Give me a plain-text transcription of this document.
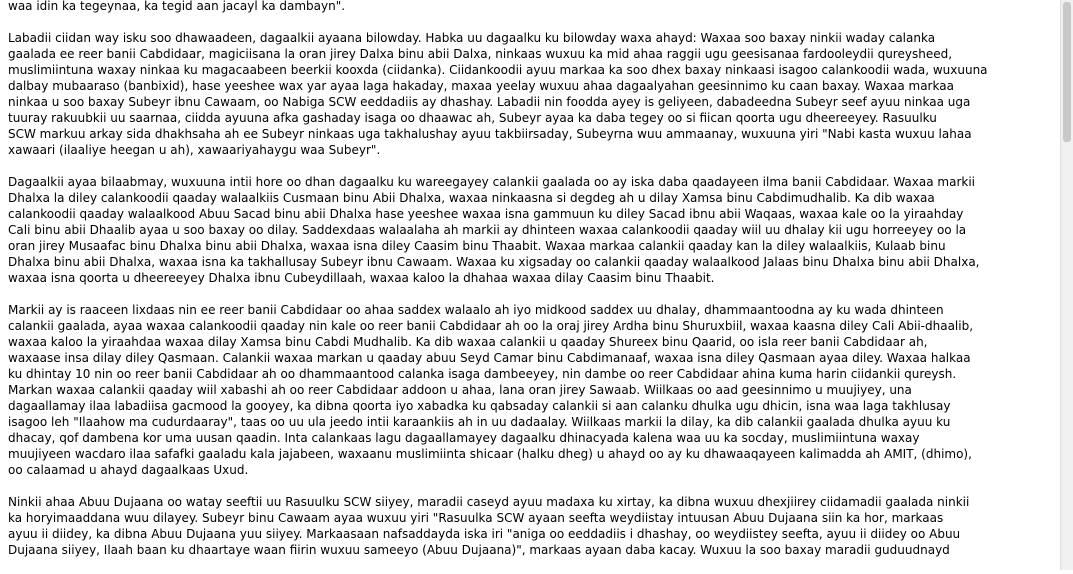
waa idin ka tegeynaa, ka tegid aan jacayl ka dambayn".

Labadii ciidan way isku soo dhawaadeen, dagaalkii ayaana bilowday. Habka uu dagaalku ku bilowday waxa ahayd: Waxaa soo baxay ninkii waday calanka
gaalada ee reer banii Cabdidaar, magiciisana la oran jirey Dalxa binu abii Dalxa, ninkaas wuxuu ka mid ahaa raggii ugu geesisanaa fardooleydii qureysheed,
muslimiintuna waxay ninkaa ku magacaabeen beerkii kooxda (ciidanka). Ciidankoodii ayuu markaa ka soo dhex baxay ninkaasi isagoo calankoodii wada, wuxuuna
dalbay mubaaraso (banbixid), hase yeeshee wax yar ayaa laga hakaday, maxaa yeelay wuxuu ahaa dagaalyahan geesinnimo ku caan baxay. Waxaa markaa
ninkaa u soo baxay Subeyr ibnu Cawaam, oo Nabiga SCW eeddadiis ay dhashay. Labadii nin foodda ayey is geliyeen, dabadeedna Subeyr seef ayuu ninkaa uga
tuuray rakuubkii uu saarnaa, ciidda ayuuna afka gashaday isaga oo dhaawac ah, Subeyr ayaa ka daba tegey oo si fiican qoorta ugu dheereeyey. Rasuulku
SCW markuu arkay sida dhakhsaha ah ee Subeyr ninkaas uga takhalushay ayuu takbiirsaday, Subeyrna wuu ammaanay, wuxuuna yiri "Nabi kasta wuxuu lahaa
xawaari (ilaaliye heegan u ah), xawaariyahaygu waa Subeyr".

Dagaalkii ayaa bilaabmay, wuxuuna intii hore oo dhan dagaalku ku wareegayey calankii gaalada oo ay iska daba qaadayeen ilma banii Cabdidaar. Waxaa markii
Dhalxa la diley calankoodii qaaday walaalkiis Cusmaan binu Abii Dhalxa, waxaa ninkaasna si degdeg ah u dilay Xamsa binu Cabdimudhalib. Ka dib waxaa
calankoodii qaaday walaalkood Abuu Sacad binu abii Dhalxa hase yeeshee waxaa isna gammuun ku diley Sacad ibnu abii Waqaas, waxaa kale oo la yiraahday
Cali binu abii Dhaalib ayaa u soo baxay oo dilay. Saddexdaas walaalaha ah markii ay dhinteen waxaa calankoodii qaaday wiil uu dhalay kii ugu horreeyey oo la
oran jirey Musaafac binu Dhalxa binu abii Dhalxa, waxaa isna diley Caasim binu Thaabit. Waxaa markaa calankii qaaday kan la diley walaalkiis, Kulaab binu
Dhalxa binu abii Dhalxa, waxaa isna ka takhallusay Subeyr ibnu Cawaam. Waxaa ku xigsaday oo calankii qaaday walaalkood Jalaas binu Dhalxa binu abii Dhalxa,
waxaa isna qoorta u dheereeyey Dhalxa ibnu Cubeydillaah, waxaa kaloo la dhahaa waxaa dilay Caasim binu Thaabit.

Markii ay is raaceen lixdaas nin ee reer banii Cabdidaar oo ahaa saddex walaalo ah iyo midkood saddex uu dhalay, dhammaantoodna ay ku wada dhinteen
calankii gaalada, ayaa waxaa calankoodii qaaday nin kale oo reer banii Cabdidaar ah oo la oraj jirey Ardha binu Shuruxbiil, waxaa kaasna diley Cali Abii-dhaalib,
waxaa kaloo la yiraahdaa waxaa dilay Xamsa binu Cabdi Mudhalib. Ka dib waxaa calankii u qaaday Shureex binu Qaarid, oo isla reer banii Cabdidaar ah,
waxaase insa dilay diley Qasmaan. Calankii waxaa markan u qaaday abuu Seyd Camar binu Cabdimanaaf, waxaa isna diley Qasmaan ayaa diley. Waxaa halkaa
ku dhintay 10 nin oo reer banii Cabdidaar ah oo dhammaantood calanka isaga dambeeyey, nin dambe oo reer Cabdidaar ahina kuma harin ciidankii qureysh.
Markan waxaa calankii qaaday wiil xabashi ah oo reer Cabdidaar addoon u ahaa, lana oran jirey Sawaab. Wiilkaas oo aad geesinnimo u muujiyey, una
dagaallamay ilaa labadiisa gacmood la gooyey, ka dibna qoorta iyo xabadka ku qabsaday calankii si aan calanku dhulka ugu dhicin, isna waa laga takhlusay
isagoo leh "Ilaahow ma cudurdaaray", taas oo uu ula jeedo intii karaankiis ah in uu dadaalay. Wiilkaas markii la dilay, ka dib calankii gaalada dhulka ayuu ku
dhacay, qof dambena kor uma uusan qaadin. Inta calankaas lagu dagaallamayey dagaalku dhinacyada kalena waa uu ka socday, muslimiintuna waxay
muujiyeen wacdaro ilaa safafki gaaladu kala jajabeen, waxaanu muslimiinta shicaar (halku dheg) u ahayd oo ay ku dhawaaqayeen kalimadda ah AMIT, (dhimo),
oo calaamad u ahayd dagaalkaas Uxud.

Ninkii ahaa Abuu Dujaana oo watay seeftii uu Rasuulku SCW siiyey, maradii caseyd ayuu madaxa ku xirtay, ka dibna wuxuu dhexjiirey ciidamadii gaalada ninkii
ka horyimaaddana wuu dilayey. Subeyr binu Cawaam ayaa wuxuu yiri "Rasuulka SCW ayaan seefta weydiistay intuusan Abuu Dujaana siin ka hor, markaas
ayuu ii diidey, ka dibna Abuu Dujaana yuu siiyey. Markaasaan nafsaddayda iska iri "aniga oo eeddadiis i dhashay, oo weydiistey seefta, ayuu ii diidey oo Abuu
Dujaana siiyey, Ilaah baan ku dhaartaye waan fiirin wuxuu sameeyo (Abuu Dujaana)", markaas ayaan daba kacay. Wuxuu la soo baxay maradii guduudnayd
